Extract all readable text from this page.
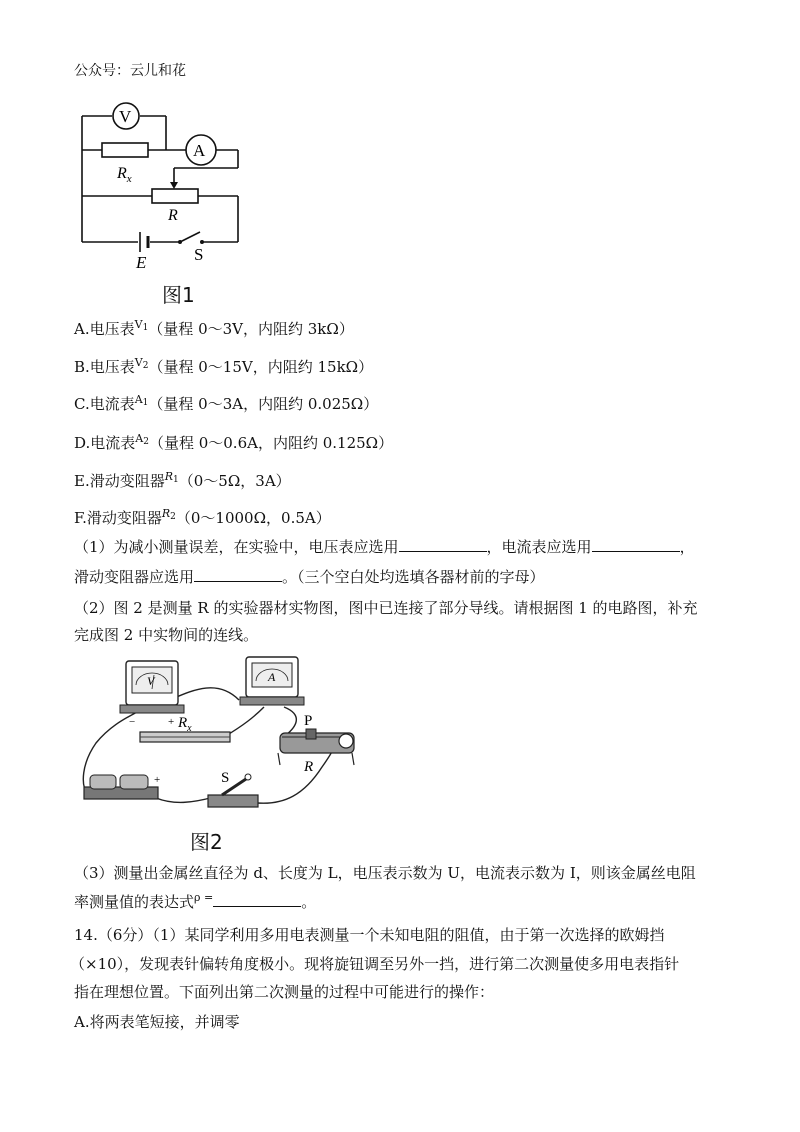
公众号：云儿和花
V
A
$R_x$
R
E	S
图1
A.电压表$^{V1}$（量程 0～3V，内阻约 3kΩ）
B.电压表$^{V2}$（量程 0～15V，内阻约 15kΩ）
C.电流表$^{A1}$（量程 0～3A，内阻约 0.025Ω）
D.电流表$^{A2}$（量程 0～0.6A，内阻约 0.125Ω）
E.滑动变阻器$^{R1}$（0～5Ω，3A）
F.滑动变阻器$^{R2}$（0～1000Ω，0.5A）
（1）为减小测量误差，在实验中，电压表应选用	，电流表应选用	，
滑动变阻器应选用	。（三个空白处均选填各器材前的字母）
（2）图 2 是测量 R 的实验器材实物图，图中已连接了部分导线。请根据图 1 的电路图，补充
完成图 2 中实物间的连线。
V
−	+
A
$R_x$	P
R
+	S
图2
（3）测量出金属丝直径为 d、长度为 L，电压表示数为 U，电流表示数为 I，则该金属丝电阻
率测量值的表达式$^{\rho =}$	。
14.（6分）（1）某同学利用多用电表测量一个未知电阻的阻值，由于第一次选择的欧姆挡
（×10），发现表针偏转角度极小。现将旋钮调至另外一挡，进行第二次测量使多用电表指针
指在理想位置。下面列出第二次测量的过程中可能进行的操作：
A.将两表笔短接，并调零
